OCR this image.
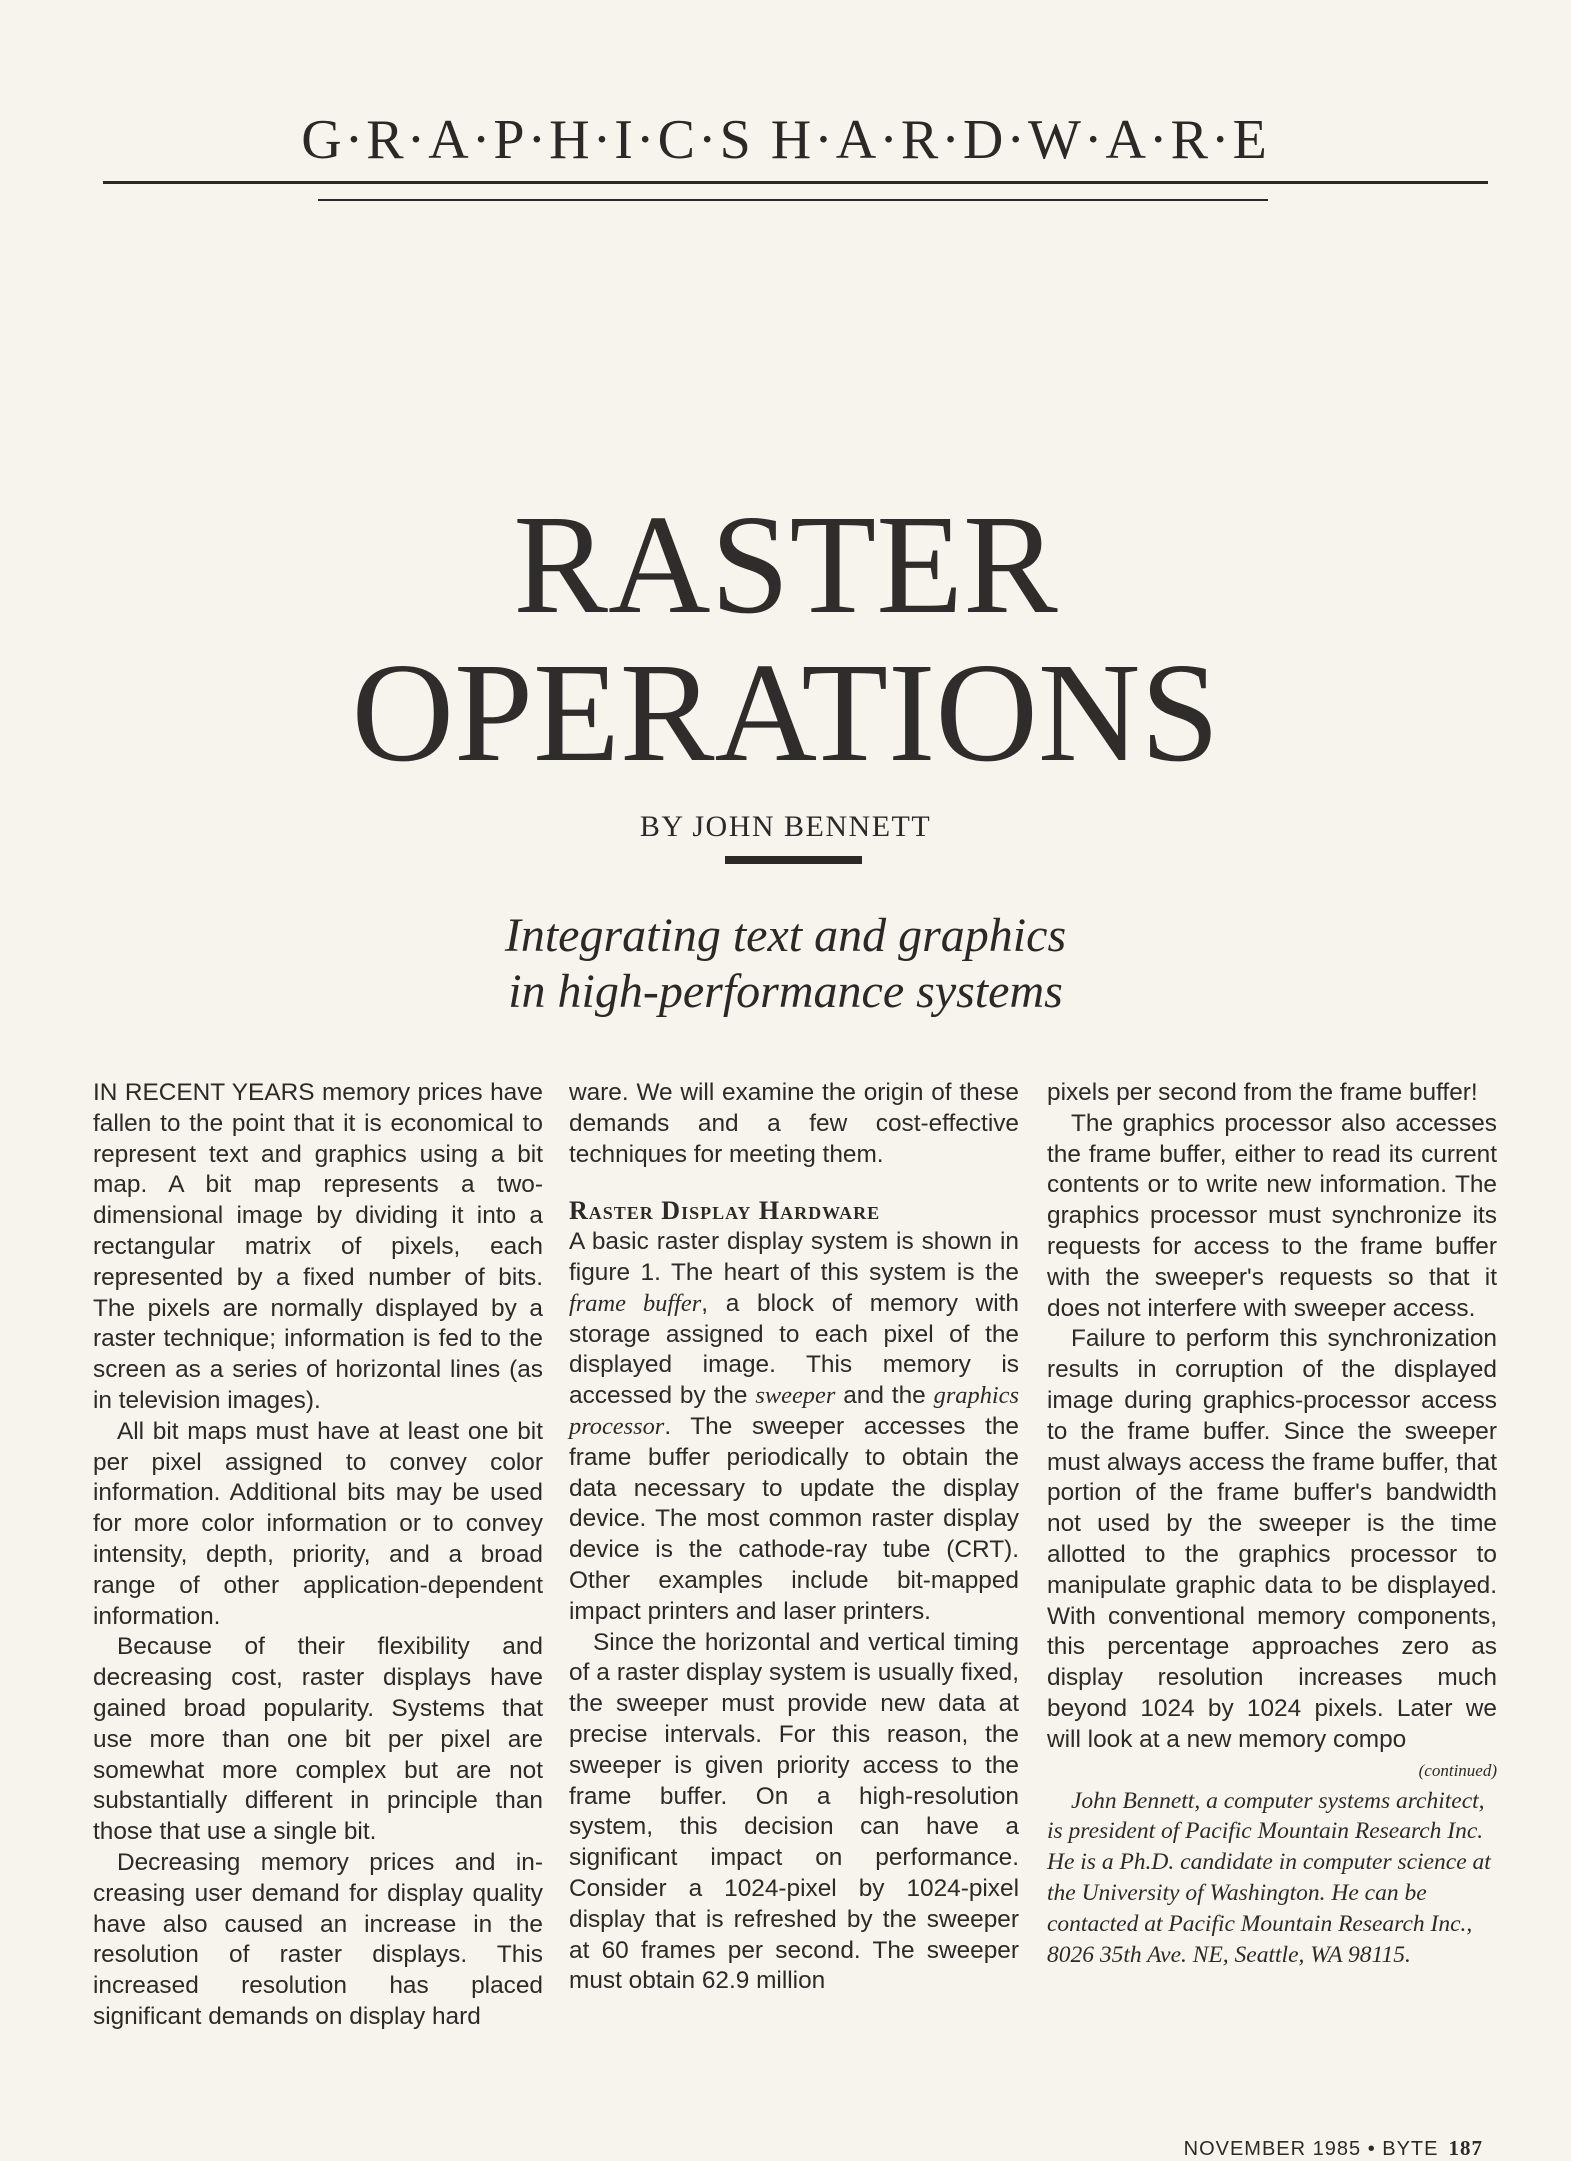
G·R·A·P·H·I·C·S H·A·R·D·W·A·R·E
RASTER
OPERATIONS
BY JOHN BENNETT
Integrating text and graphics
in high-performance systems

IN RECENT YEARS memory prices have fallen to the point that it is economical to represent text and graphics using a bit map. A bit map represents a two-dimensional image by dividing it into a rectangular matrix of pixels, each represented by a fixed number of bits. The pixels are normally displayed by a raster technique; information is fed to the screen as a series of horizontal lines (as in television images).

All bit maps must have at least one bit per pixel assigned to convey color information. Additional bits may be used for more color information or to convey intensity, depth, priority, and a broad range of other application-dependent information.

Because of their flexibility and decreasing cost, raster displays have gained broad popularity. Systems that use more than one bit per pixel are somewhat more complex but are not substantially different in principle than those that use a single bit.

Decreasing memory prices and increasing user demand for display quality have also caused an increase in the resolution of raster displays. This increased resolution has placed significant demands on display hard

ware. We will examine the origin of these demands and a few cost-effective techniques for meeting them.

Raster Display Hardware

A basic raster display system is shown in figure 1. The heart of this system is the frame buffer, a block of memory with storage assigned to each pixel of the displayed image. This memory is accessed by the sweeper and the graphics processor. The sweeper accesses the frame buffer periodically to obtain the data necessary to update the display device. The most common raster display device is the cathode-ray tube (CRT). Other examples include bit-mapped impact printers and laser printers.

Since the horizontal and vertical timing of a raster display system is usually fixed, the sweeper must provide new data at precise intervals. For this reason, the sweeper is given priority access to the frame buffer. On a high-resolution system, this decision can have a significant impact on performance. Consider a 1024-pixel by 1024-pixel display that is refreshed by the sweeper at 60 frames per second. The sweeper must obtain 62.9 million

pixels per second from the frame buffer!

The graphics processor also accesses the frame buffer, either to read its current contents or to write new information. The graphics processor must synchronize its requests for access to the frame buffer with the sweeper's requests so that it does not interfere with sweeper access.

Failure to perform this synchronization results in corruption of the displayed image during graphics-processor access to the frame buffer. Since the sweeper must always access the frame buffer, that portion of the frame buffer's bandwidth not used by the sweeper is the time allotted to the graphics processor to manipulate graphic data to be displayed. With conventional memory components, this percentage approaches zero as display resolution increases much beyond 1024 by 1024 pixels. Later we will look at a new memory compo

(continued)

John Bennett, a computer systems architect, is president of Pacific Mountain Research Inc. He is a Ph.D. candidate in computer science at the University of Washington. He can be contacted at Pacific Mountain Research Inc., 8026 35th Ave. NE, Seattle, WA 98115.

NOVEMBER 1985 • BYTE 187
